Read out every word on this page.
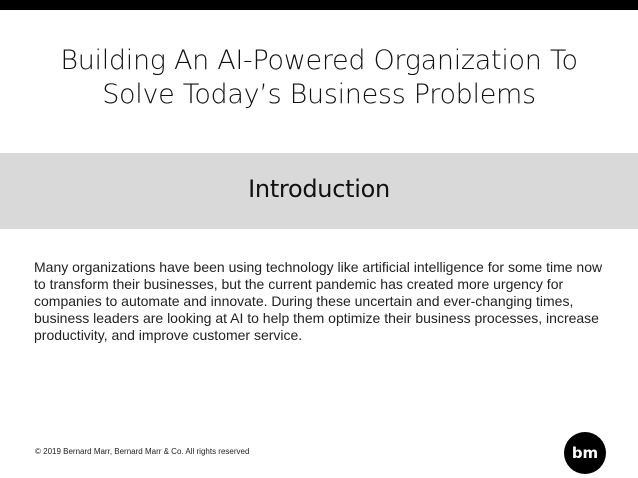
Building An AI-Powered Organization To
Solve Today’s Business Problems
Introduction

Many organizations have been using technology like artificial intelligence for some time now to transform their businesses, but the current pandemic has created more urgency for companies to automate and innovate. During these uncertain and ever-changing times, business leaders are looking at AI to help them optimize their business processes, increase productivity, and improve customer service.

© 2019 Bernard Marr, Bernard Marr & Co. All rights reserved	bm
